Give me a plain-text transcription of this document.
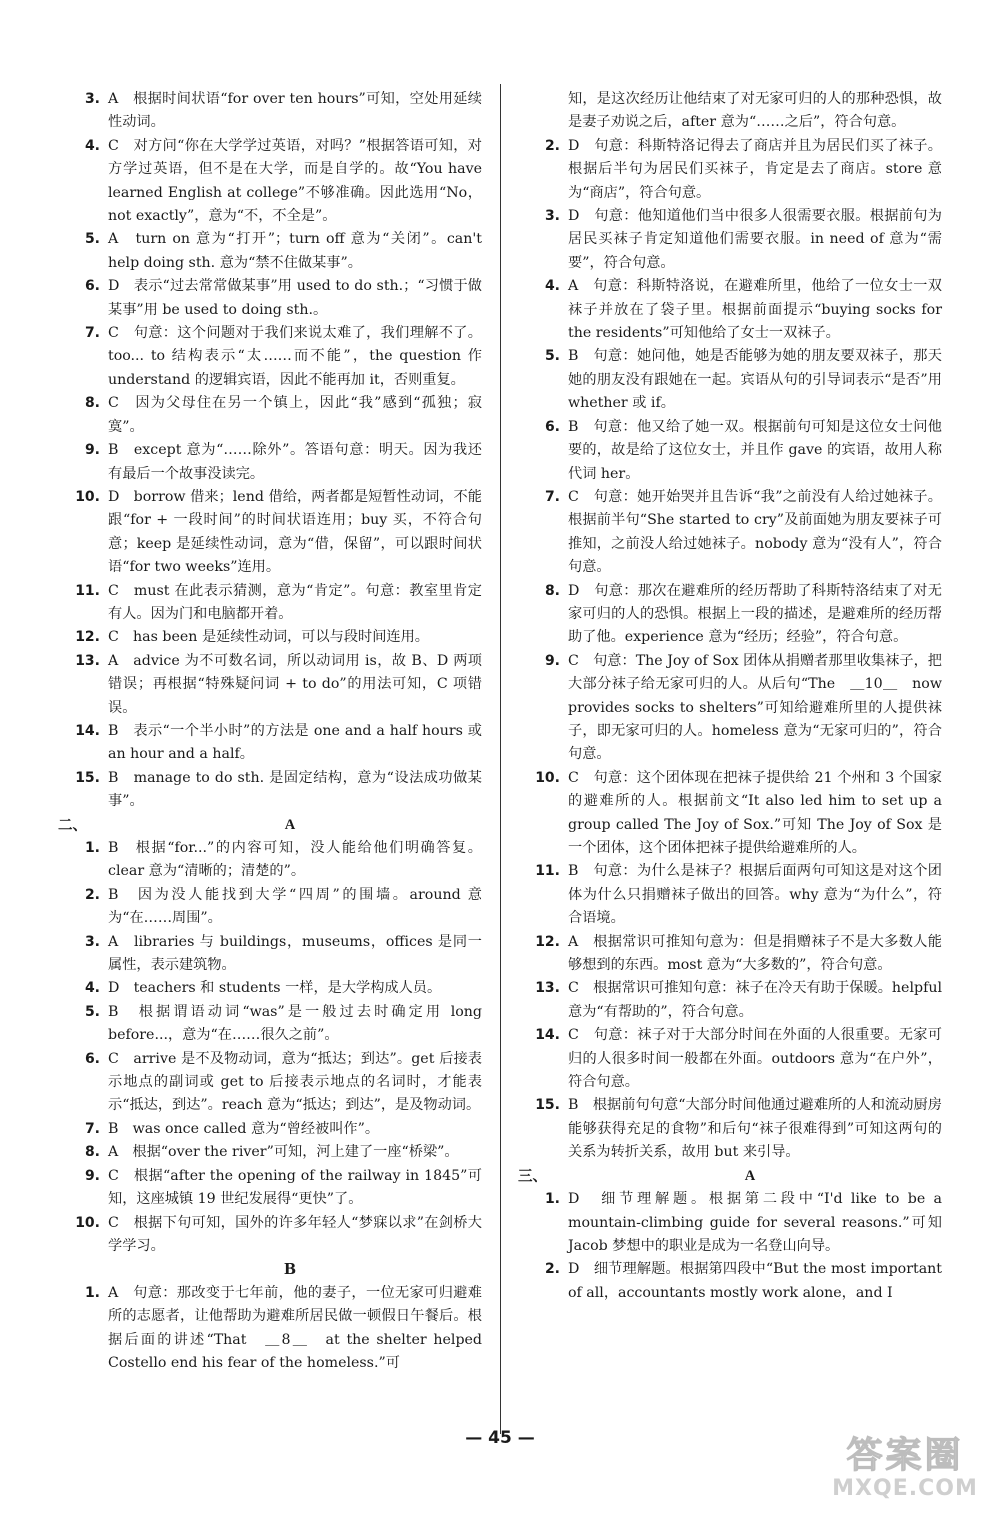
3. A　根据时间状语“for over ten hours”可知，空处用延续性动词。
4. C　对方问“你在大学学过英语，对吗？”根据答语可知，对方学过英语，但不是在大学，而是自学的。故“You have learned English at college”不够准确。因此选用“No，not exactly”，意为“不，不全是”。
5. A　turn on 意为“打开”；turn off 意为“关闭”。can't help doing sth. 意为“禁不住做某事”。
6. D　表示“过去常常做某事”用 used to do sth.；“习惯于做某事”用 be used to doing sth.。
7. C　句意：这个问题对于我们来说太难了，我们理解不了。too... to 结构表示“太……而不能”，the question 作 understand 的逻辑宾语，因此不能再加 it，否则重复。
8. C　因为父母住在另一个镇上，因此“我”感到“孤独；寂寞”。
9. B　except 意为“……除外”。答语句意：明天。因为我还有最后一个故事没读完。
10. D　borrow 借来；lend 借给，两者都是短暂性动词，不能跟“for + 一段时间”的时间状语连用；buy 买，不符合句意；keep 是延续性动词，意为“借，保留”，可以跟时间状语“for two weeks”连用。
11. C　must 在此表示猜测，意为“肯定”。句意：教室里肯定有人。因为门和电脑都开着。
12. C　has been 是延续性动词，可以与段时间连用。
13. A　advice 为不可数名词，所以动词用 is，故 B、D 两项错误；再根据“特殊疑问词 + to do”的用法可知，C 项错误。
14. B　表示“一个半小时”的方法是 one and a half hours 或 an hour and a half。
15. B　manage to do sth. 是固定结构，意为“设法成功做某事”。
二、	A
1. B　根据“for...”的内容可知，没人能给他们明确答复。clear 意为“清晰的；清楚的”。
2. B　因为没人能找到大学“四周”的围墙。around 意为“在……周围”。
3. A　libraries 与 buildings，museums，offices 是同一属性，表示建筑物。
4. D　teachers 和 students 一样，是大学构成人员。
5. B　根据谓语动词“was”是一般过去时确定用 long before...，意为“在……很久之前”。
6. C　arrive 是不及物动词，意为“抵达；到达”。get 后接表示地点的副词或 get to 后接表示地点的名词时，才能表示“抵达，到达”。reach 意为“抵达；到达”，是及物动词。
7. B　was once called 意为“曾经被叫作”。
8. A　根据“over the river”可知，河上建了一座“桥梁”。
9. C　根据“after the opening of the railway in 1845”可知，这座城镇 19 世纪发展得“更快”了。
10. C　根据下句可知，国外的许多年轻人“梦寐以求”在剑桥大学学习。
B
1. A　句意：那改变于七年前，他的妻子，一位无家可归避难所的志愿者，让他帮助为避难所居民做一顿假日午餐后。根据后面的讲述“That　＿8＿　at the shelter helped Costello end his fear of the homeless.”可
知，是这次经历让他结束了对无家可归的人的那种恐惧，故是妻子劝说之后，after 意为“……之后”，符合句意。
2. D　句意：科斯特洛记得去了商店并且为居民们买了袜子。根据后半句为居民们买袜子，肯定是去了商店。store 意为“商店”，符合句意。
3. D　句意：他知道他们当中很多人很需要衣服。根据前句为居民买袜子肯定知道他们需要衣服。in need of 意为“需要”，符合句意。
4. A　句意：科斯特洛说，在避难所里，他给了一位女士一双袜子并放在了袋子里。根据前面提示“buying socks for the residents”可知他给了女士一双袜子。
5. B　句意：她问他，她是否能够为她的朋友要双袜子，那天她的朋友没有跟她在一起。宾语从句的引导词表示“是否”用 whether 或 if。
6. B　句意：他又给了她一双。根据前句可知是这位女士问他要的，故是给了这位女士，并且作 gave 的宾语，故用人称代词 her。
7. C　句意：她开始哭并且告诉“我”之前没有人给过她袜子。根据前半句“She started to cry”及前面她为朋友要袜子可推知，之前没人给过她袜子。nobody 意为“没有人”，符合句意。
8. D　句意：那次在避难所的经历帮助了科斯特洛结束了对无家可归的人的恐惧。根据上一段的描述，是避难所的经历帮助了他。experience 意为“经历；经验”，符合句意。
9. C　句意：The Joy of Sox 团体从捐赠者那里收集袜子，把大部分袜子给无家可归的人。从后句“The　＿10＿　now provides socks to shelters”可知给避难所里的人提供袜子，即无家可归的人。homeless 意为“无家可归的”，符合句意。
10. C　句意：这个团体现在把袜子提供给 21 个州和 3 个国家的避难所的人。根据前文“It also led him to set up a group called The Joy of Sox.”可知 The Joy of Sox 是一个团体，这个团体把袜子提供给避难所的人。
11. B　句意：为什么是袜子？根据后面两句可知这是对这个团体为什么只捐赠袜子做出的回答。why 意为“为什么”，符合语境。
12. A　根据常识可推知句意为：但是捐赠袜子不是大多数人能够想到的东西。most 意为“大多数的”，符合句意。
13. C　根据常识可推知句意：袜子在冷天有助于保暖。helpful 意为“有帮助的”，符合句意。
14. C　句意：袜子对于大部分时间在外面的人很重要。无家可归的人很多时间一般都在外面。outdoors 意为“在户外”，符合句意。
15. B　根据前句句意“大部分时间他通过避难所的人和流动厨房能够获得充足的食物”和后句“袜子很难得到”可知这两句的关系为转折关系，故用 but 来引导。
三、	A
1. D　细节理解题。根据第二段中“I'd like to be a mountain-climbing guide for several reasons.”可知 Jacob 梦想中的职业是成为一名登山向导。
2. D　细节理解题。根据第四段中“But the most important of all，accountants mostly work alone，and I
— 45 —	答案圈
MXQE.COM
